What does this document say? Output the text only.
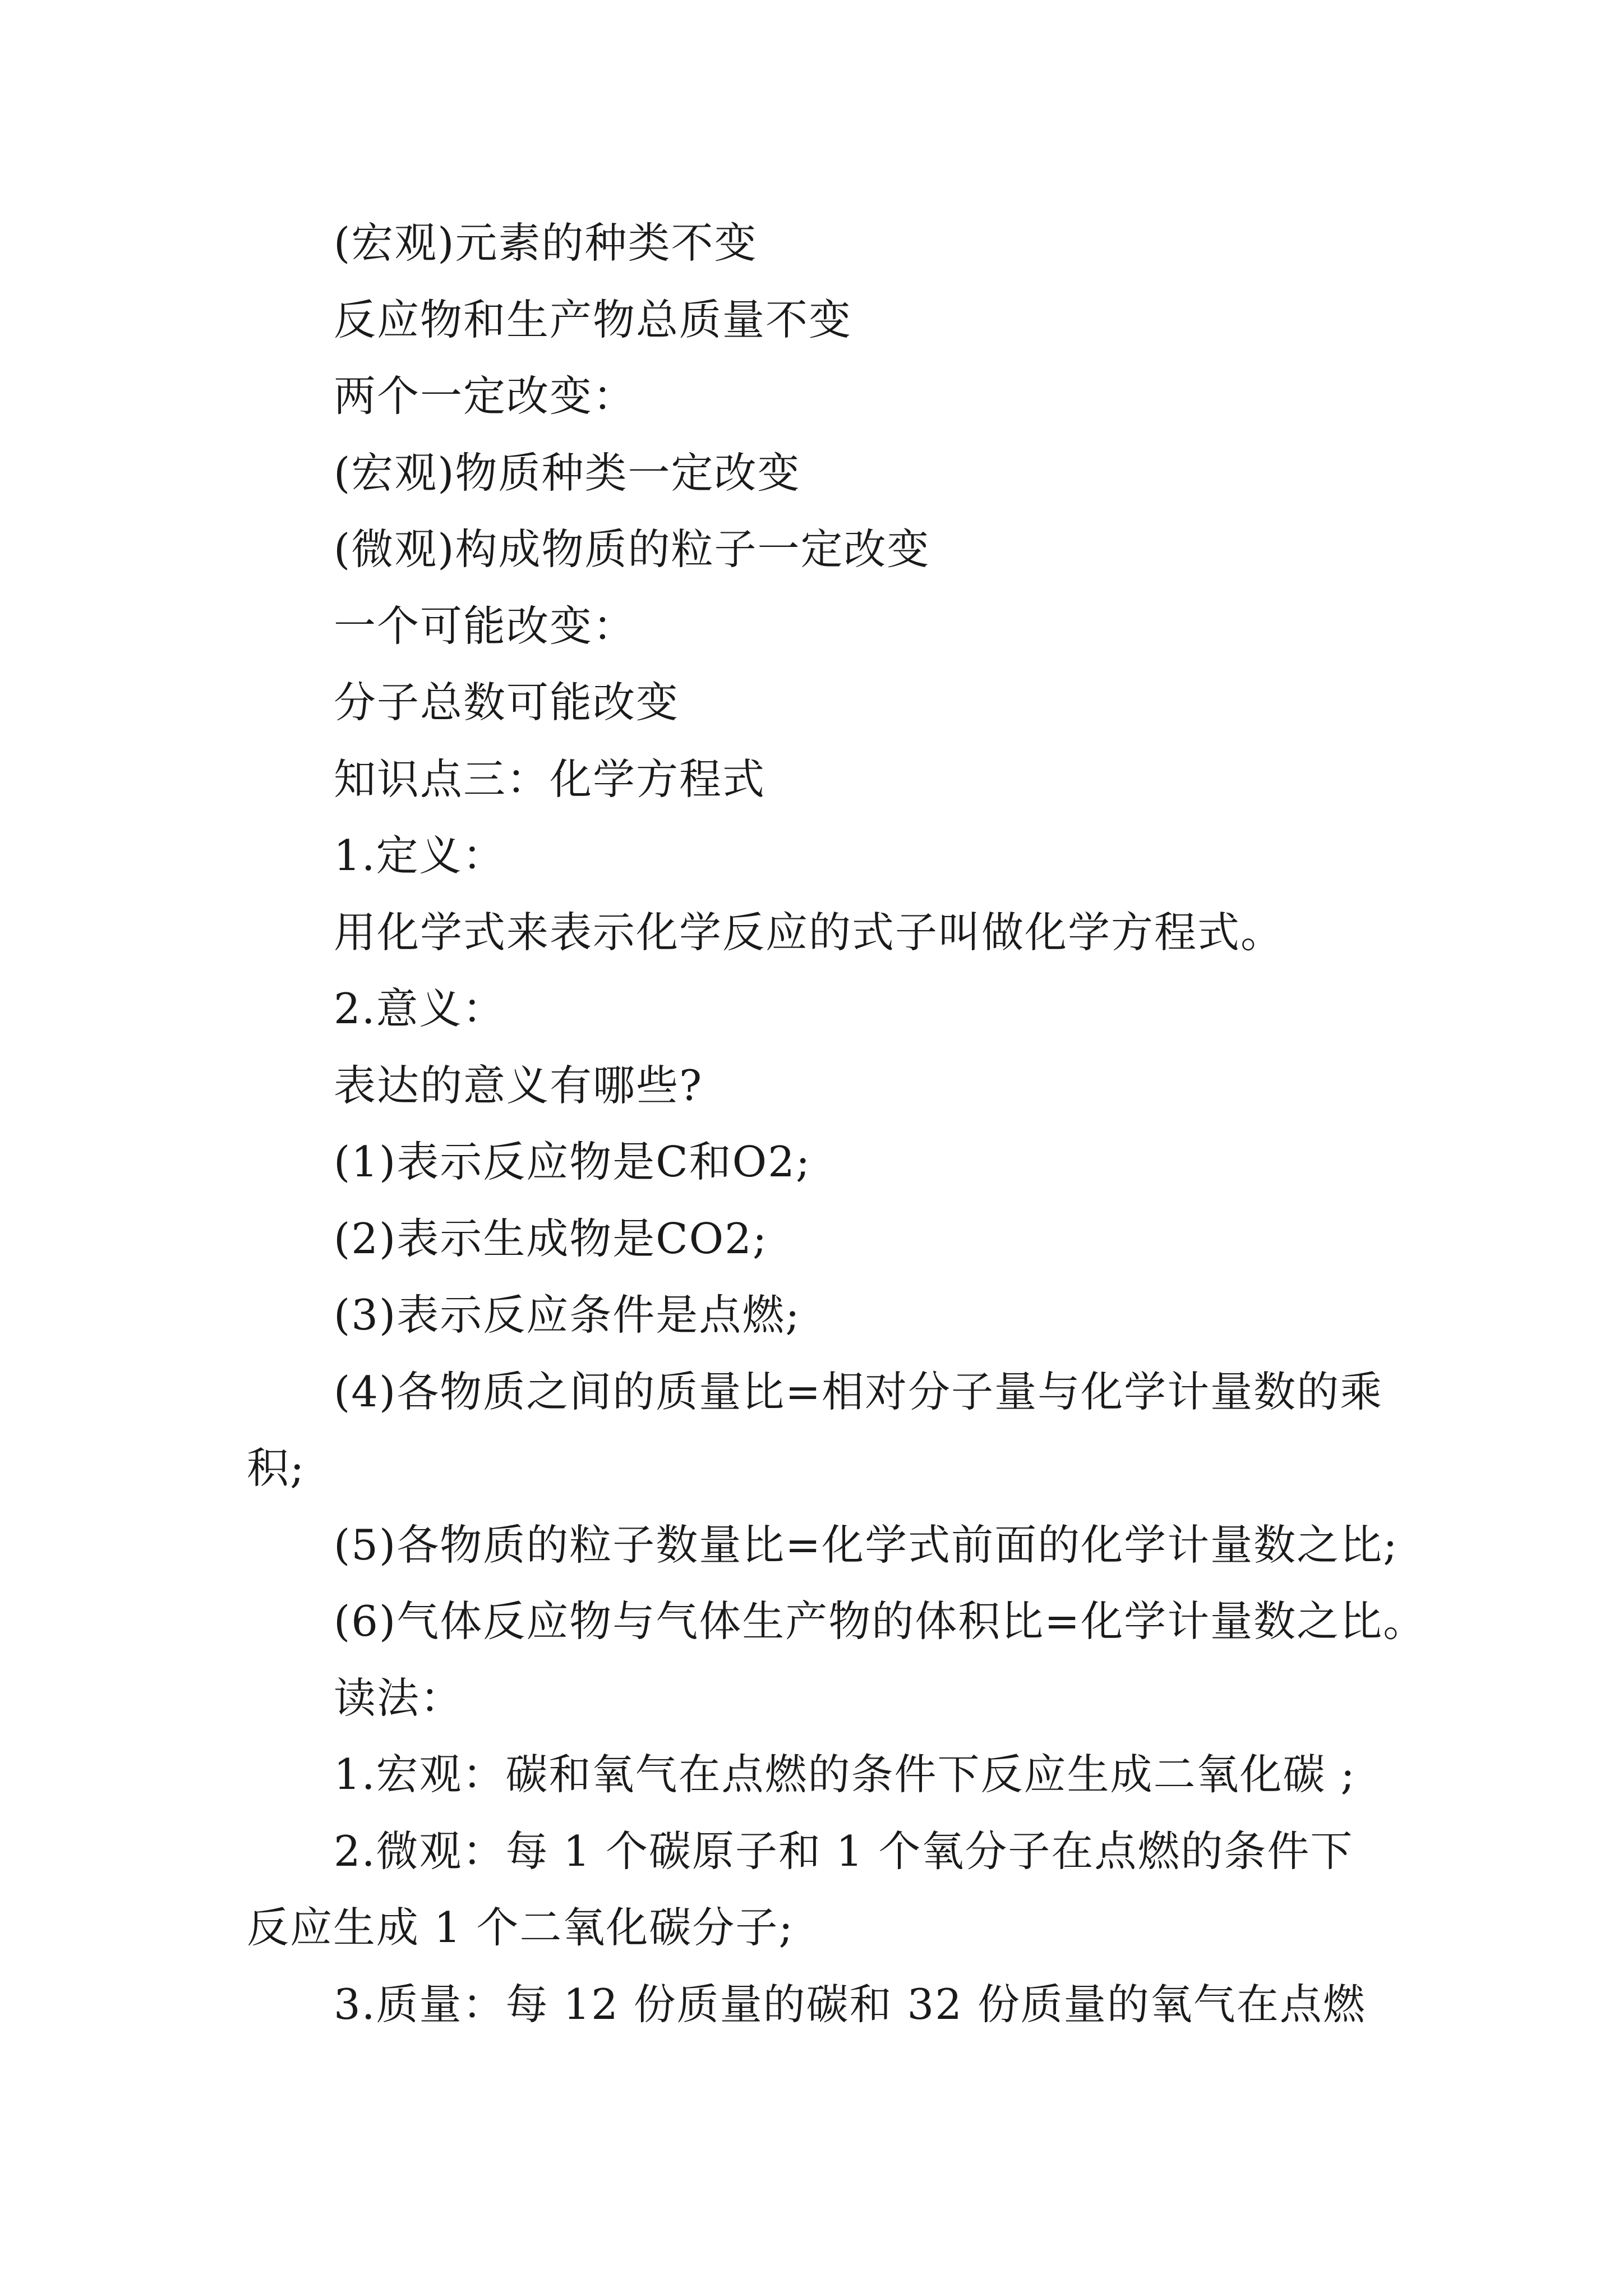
(宏观)元素的种类不变
反应物和生产物总质量不变
两个一定改变：
(宏观)物质种类一定改变
(微观)构成物质的粒子一定改变
一个可能改变：
分子总数可能改变
知识点三：化学方程式
1.定义：
用化学式来表示化学反应的式子叫做化学方程式。
2.意义：
表达的意义有哪些?
(1)表示反应物是C和O2;
(2)表示生成物是CO2;
(3)表示反应条件是点燃;
(4)各物质之间的质量比=相对分子量与化学计量数的乘
积;
(5)各物质的粒子数量比=化学式前面的化学计量数之比;
(6)气体反应物与气体生产物的体积比=化学计量数之比。
读法：
1.宏观：碳和氧气在点燃的条件下反应生成二氧化碳 ;
2.微观：每 1 个碳原子和 1 个氧分子在点燃的条件下
反应生成 1 个二氧化碳分子;
3.质量：每 12 份质量的碳和 32 份质量的氧气在点燃
